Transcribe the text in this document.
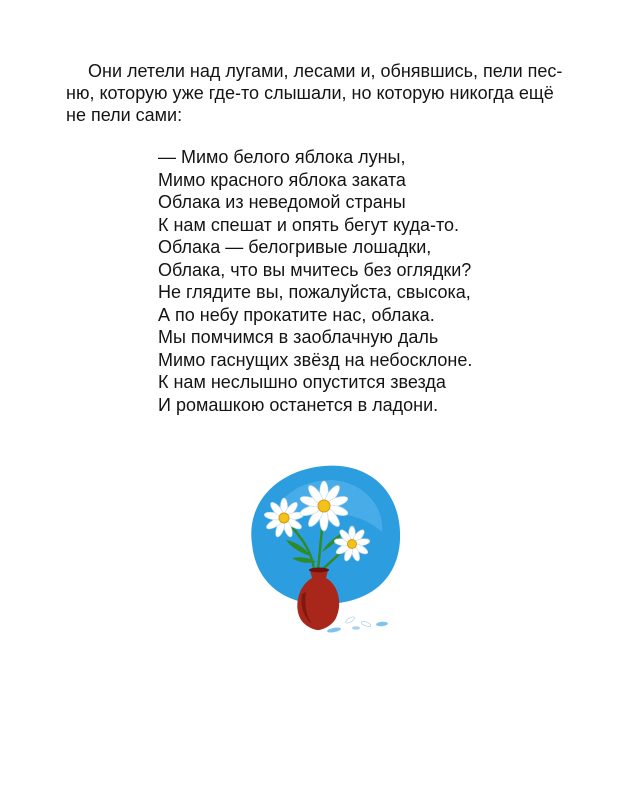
Они летели над лугами, лесами и, обнявшись, пели пес-
ню, которую уже где-то слышали, но которую никогда ещё
не пели сами:

— Мимо белого яблока луны,
Мимо красного яблока заката
Облака из неведомой страны
К нам спешат и опять бегут куда-то.
Облака — белогривые лошадки,
Облака, что вы мчитесь без оглядки?
Не глядите вы, пожалуйста, свысока,
А по небу прокатите нас, облака.
Мы помчимся в заоблачную даль
Мимо гаснущих звёзд на небосклоне.
К нам неслышно опустится звезда
И ромашкою останется в ладони.
